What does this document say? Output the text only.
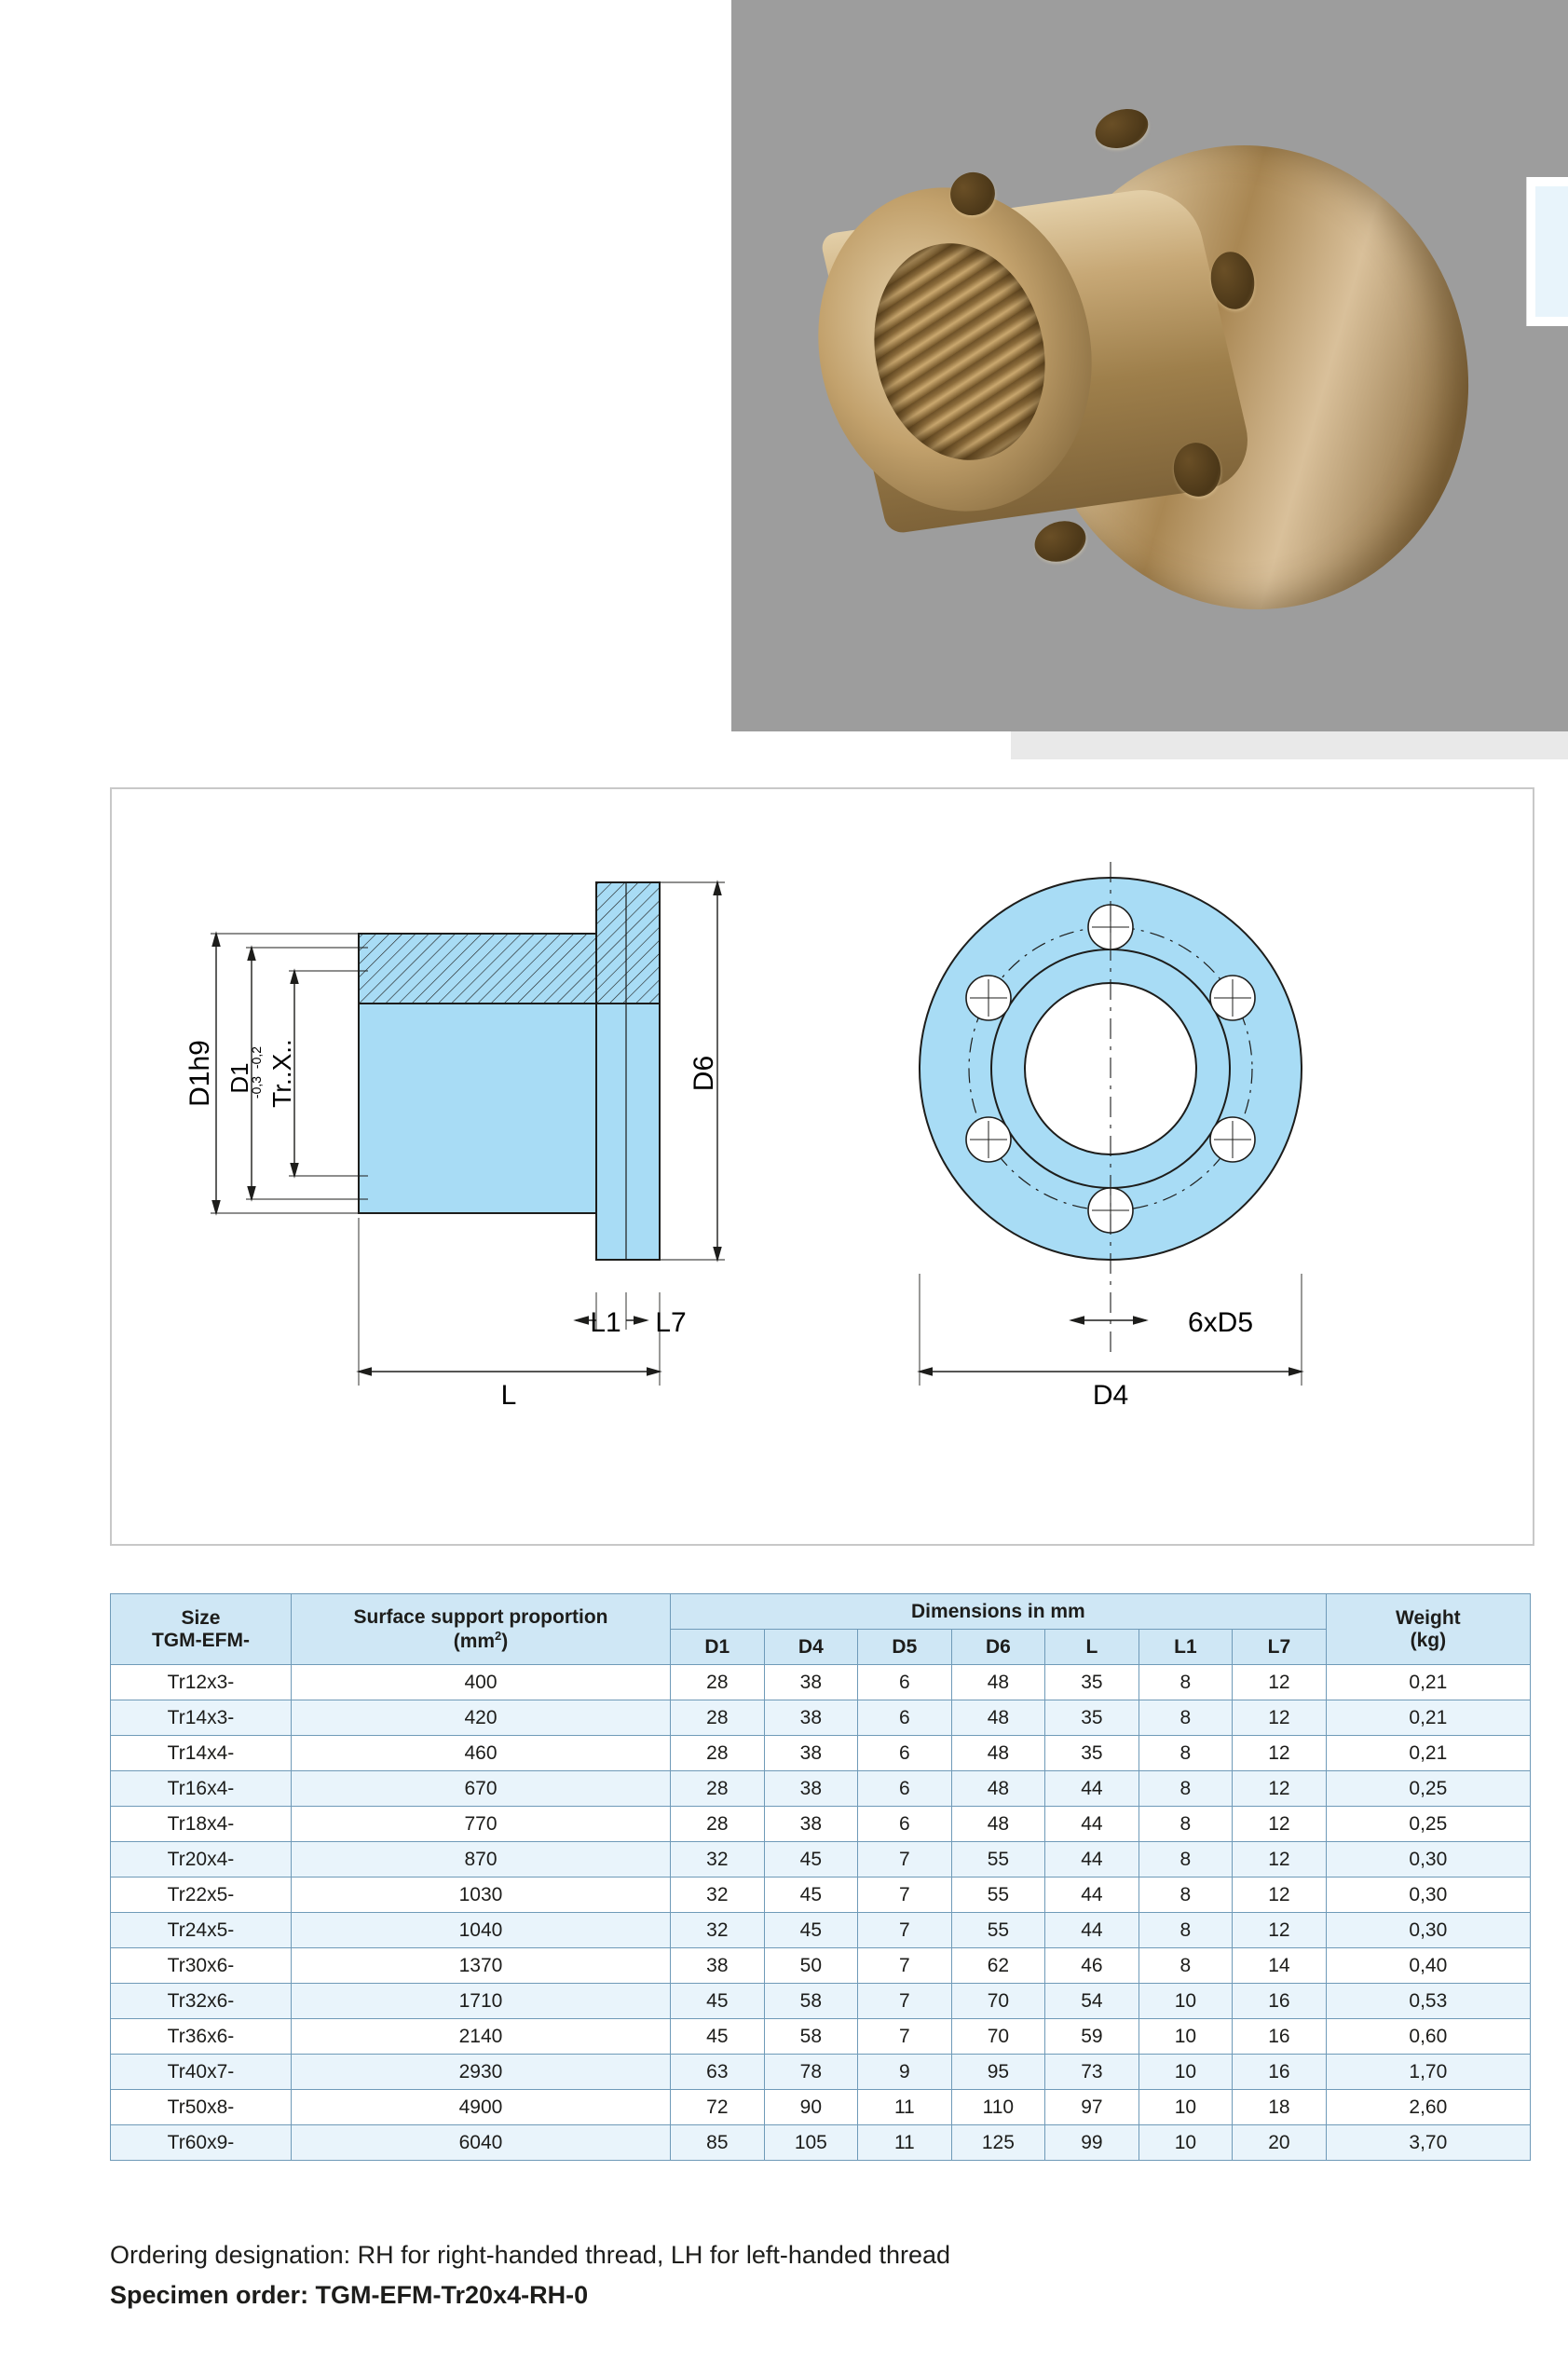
D1h9 D1
-0,2
-0,3 Tr..X..	D6
L1 L7
L
6xD5
D4
Size
TGM-EFM-

Surface support proportion
$(mm^2)$
	Dimensions in mm	Weight
(kg)

		D1	D4	D5	D6	L	L1	L7	
Tr12x3-	400	28	38	6	48	35	8	12	0,21
Tr14x3-	420	28	38	6	48	35	8	12	0,21
Tr14x4-	460	28	38	6	48	35	8	12	0,21
Tr16x4-	670	28	38	6	48	44	8	12	0,25
Tr18x4-	770	28	38	6	48	44	8	12	0,25
Tr20x4-	870	32	45	7	55	44	8	12	0,30
Tr22x5-	1030	32	45	7	55	44	8	12	0,30
Tr24x5-	1040	32	45	7	55	44	8	12	0,30
Tr30x6-	1370	38	50	7	62	46	8	14	0,40
Tr32x6-	1710	45	58	7	70	54	10	16	0,53
Tr36x6-	2140	45	58	7	70	59	10	16	0,60
Tr40x7-	2930	63	78	9	95	73	10	16	1,70
Tr50x8-	4900	72	90	11	110	97	10	18	2,60
Tr60x9-	6040	85	105	11	125	99	10	20	3,70
Ordering designation: RH for right-handed thread, LH for left-handed thread
Specimen order: TGM-EFM-Tr20x4-RH-0
